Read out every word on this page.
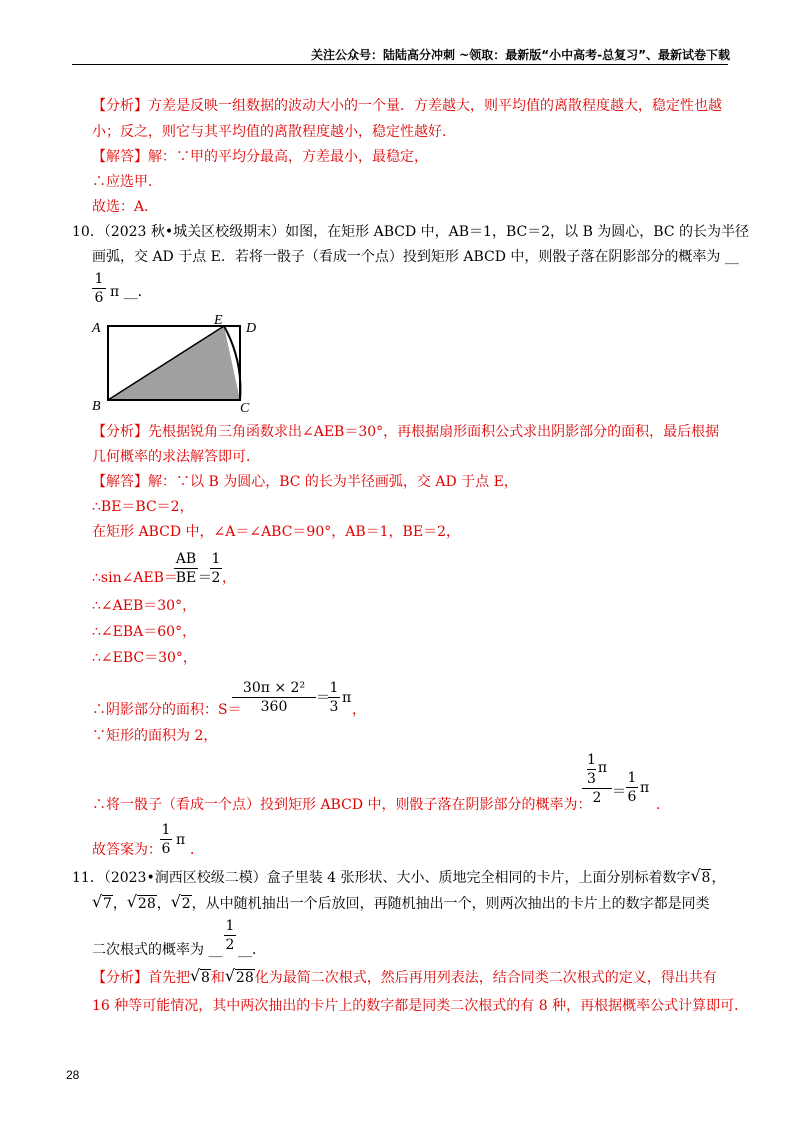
关注公众号：陆陆高分冲刺 ~领取：最新版“小中高考-总复习”、最新试卷下载
【分析】方差是反映一组数据的波动大小的一个量．方差越大，则平均值的离散程度越大，稳定性也越
小；反之，则它与其平均值的离散程度越小，稳定性越好．
【解答】解：∵甲的平均分最高，方差最小，最稳定，
∴应选甲．
故选：A．
10．（2023 秋•城关区校级期末）如图，在矩形 ABCD 中，AB＝1，BC＝2，以 B 为圆心，BC 的长为半径
画弧，交 AD 于点 E．若将一骰子（看成一个点）投到矩形 ABCD 中，则骰子落在阴影部分的概率为 __
1
6 π __．
A
B	C
D
E
【分析】先根据锐角三角函数求出∠AEB＝30°，再根据扇形面积公式求出阴影部分的面积，最后根据
几何概率的求法解答即可．
【解答】解：∵以 B 为圆心，BC 的长为半径画弧，交 AD 于点 E，
∴BE＝BC＝2，
在矩形 ABCD 中，∠A＝∠ABC＝90°，AB＝1，BE＝2，
∴sin∠AEB＝
AB
BE ＝
1
2 ，
∴∠AEB＝30°，
∴∠EBA＝60°，
∴∠EBC＝30°，
∴阴影部分的面积：S＝
30π × 2²
360
＝
1
3
π
，
∵矩形的面积为 2，
∴将一骰子（看成一个点）投到矩形 ABCD 中，则骰子落在阴影部分的概率为：
1
3
π
2 ＝
1
6
π
．
故答案为：
1
6
π
．
11．（2023•涧西区校级二模）盒子里装 4 张形状、大小、质地完全相同的卡片，上面分别标着数字 √ 8，
√ 7， √ 28， √ 2，从中随机抽出一个后放回，再随机抽出一个，则两次抽出的卡片上的数字都是同类
二次根式的概率为 __
1
2 __．
【分析】首先把 √ 8和 √ 28化为最简二次根式，然后再用列表法，结合同类二次根式的定义，得出共有
16 种等可能情况，其中两次抽出的卡片上的数字都是同类二次根式的有 8 种，再根据概率公式计算即可．
28
